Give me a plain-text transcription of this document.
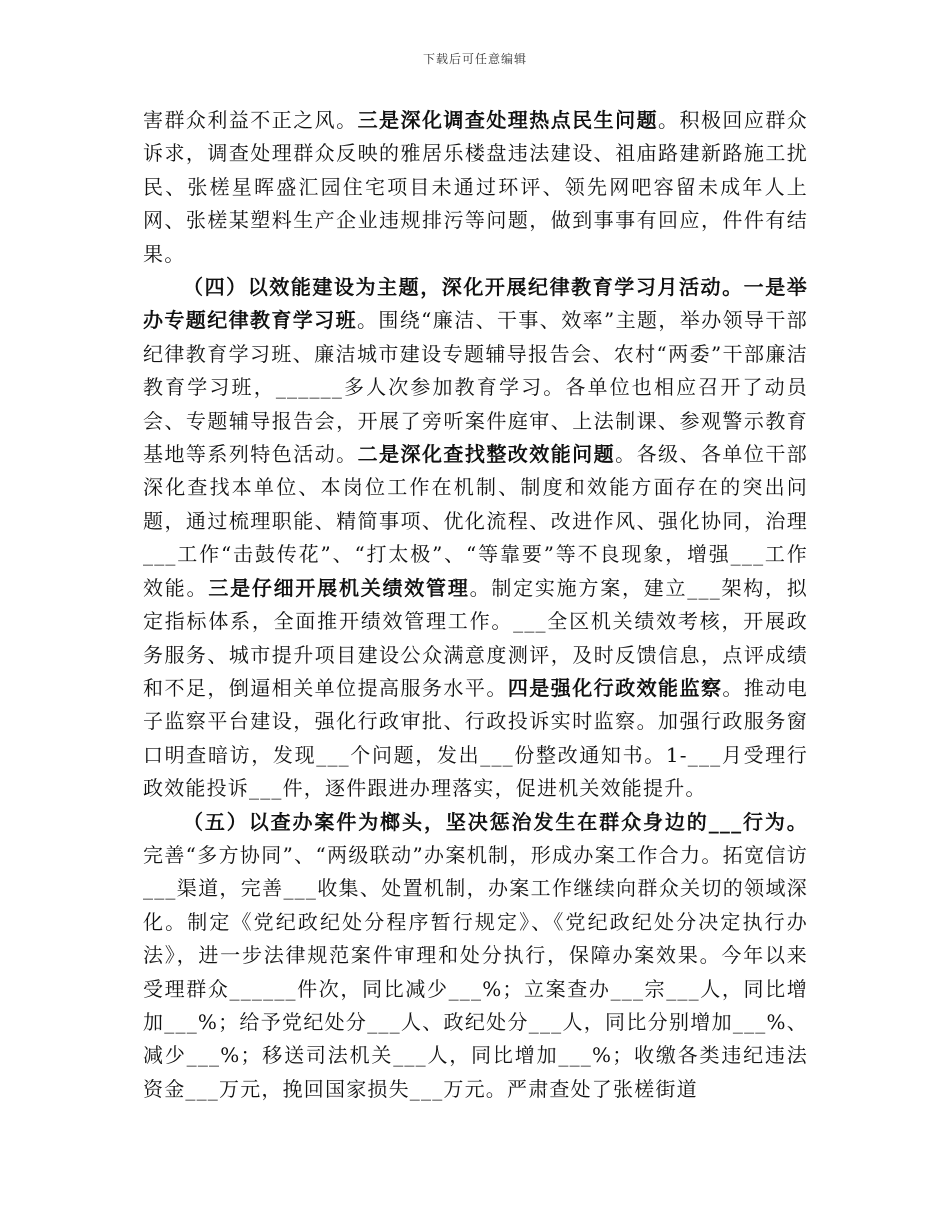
下载后可任意编辑

害群众利益不正之风。三是深化调查处理热点民生问题。积极回应群众诉求，调查处理群众反映的雅居乐楼盘违法建设、祖庙路建新路施工扰民、张槎星晖盛汇园住宅项目未通过环评、领先网吧容留未成年人上网、张槎某塑料生产企业违规排污等问题，做到事事有回应，件件有结果。

（四）以效能建设为主题，深化开展纪律教育学习月活动。一是举办专题纪律教育学习班。围绕“廉洁、干事、效率”主题，举办领导干部纪律教育学习班、廉洁城市建设专题辅导报告会、农村“两委”干部廉洁教育学习班，______多人次参加教育学习。各单位也相应召开了动员会、专题辅导报告会，开展了旁听案件庭审、上法制课、参观警示教育基地等系列特色活动。二是深化查找整改效能问题。各级、各单位干部深化查找本单位、本岗位工作在机制、制度和效能方面存在的突出问题，通过梳理职能、精简事项、优化流程、改进作风、强化协同，治理___工作“击鼓传花”、“打太极”、“等靠要”等不良现象，增强___工作效能。三是仔细开展机关绩效管理。制定实施方案，建立___架构，拟定指标体系，全面推开绩效管理工作。___全区机关绩效考核，开展政务服务、城市提升项目建设公众满意度测评，及时反馈信息，点评成绩和不足，倒逼相关单位提高服务水平。四是强化行政效能监察。推动电子监察平台建设，强化行政审批、行政投诉实时监察。加强行政服务窗口明查暗访，发现___个问题，发出___份整改通知书。1-___月受理行政效能投诉___件，逐件跟进办理落实，促进机关效能提升。

（五）以查办案件为榔头，坚决惩治发生在群众身边的___行为。完善“多方协同”、“两级联动”办案机制，形成办案工作合力。拓宽信访___渠道，完善___收集、处置机制，办案工作继续向群众关切的领域深化。制定《党纪政纪处分程序暂行规定》、《党纪政纪处分决定执行办法》，进一步法律规范案件审理和处分执行，保障办案效果。今年以来受理群众______件次，同比减少___%；立案查办___宗___人，同比增加___%；给予党纪处分___人、政纪处分___人，同比分别增加___%、减少___%；移送司法机关___人，同比增加___%；收缴各类违纪违法资金___万元，挽回国家损失___万元。严肃查处了张槎街道
